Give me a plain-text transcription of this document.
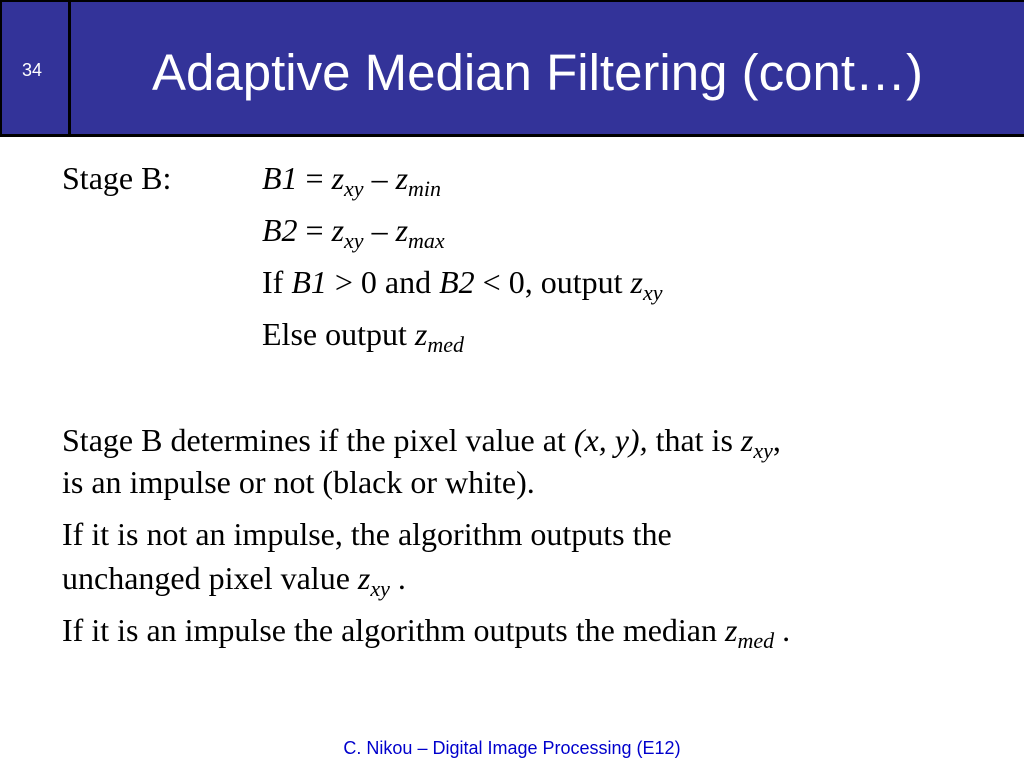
34 Adaptive Median Filtering (cont…)
Stage B:	$B1 = z_{xy} - z_{min}$
$B2 = z_{xy} - z_{max}$
If B1 > 0 and B2 < 0, output $z_{xy}$
Else output $z_{med}$
Stage B determines if the pixel value at (x, y), that is $z_{xy}$,
is an impulse or not (black or white).
If it is not an impulse, the algorithm outputs the
unchanged pixel value $z_{xy}$ .
If it is an impulse the algorithm outputs the median $z_{med}$ .
C. Nikou – Digital Image Processing (E12)
